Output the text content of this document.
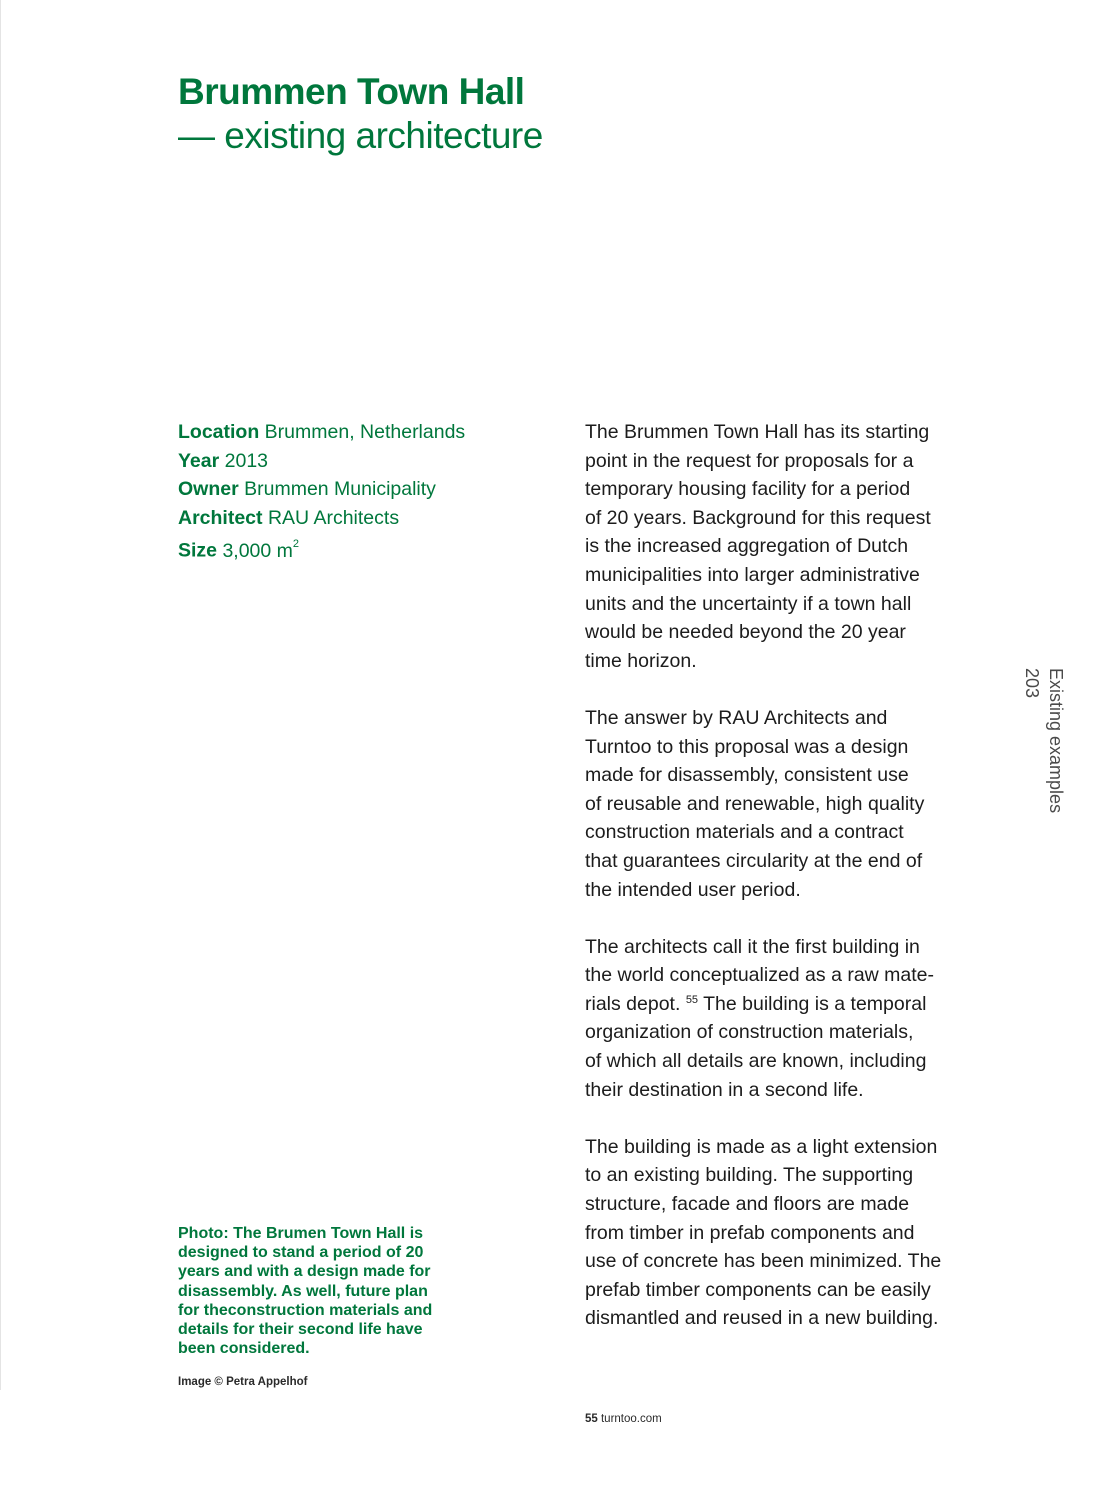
Brummen Town Hall
— existing architecture
Location Brummen, Netherlands
Year 2013
Owner Brummen Municipality
Architect RAU Architects
Size 3,000 $m^2$

The Brummen Town Hall has its starting
point in the request for proposals for a
temporary housing facility for a period
of 20 years. Background for this request
is the increased aggregation of Dutch
municipalities into larger administrative
units and the uncertainty if a town hall
would be needed beyond the 20 year
time horizon.

The answer by RAU Architects and
Turntoo to this proposal was a design
made for disassembly, consistent use
of reusable and renewable, high quality
construction materials and a contract
that guarantees circularity at the end of
the intended user period.

The architects call it the first building in
the world conceptualized as a raw mate-
rials depot. $^{55}$ The building is a temporal
organization of construction materials,
of which all details are known, including
their destination in a second life.

The building is made as a light extension
to an existing building. The supporting
structure, facade and floors are made
from timber in prefab components and
use of concrete has been minimized. The
prefab timber components can be easily
dismantled and reused in a new building.

Photo: The Brumen Town Hall is
designed to stand a period of 20
years and with a design made for
disassembly. As well, future plan
for theconstruction materials and
details for their second life have
been considered.
Image © Petra Appelhof
55 turntoo.com
Existing examples
203
